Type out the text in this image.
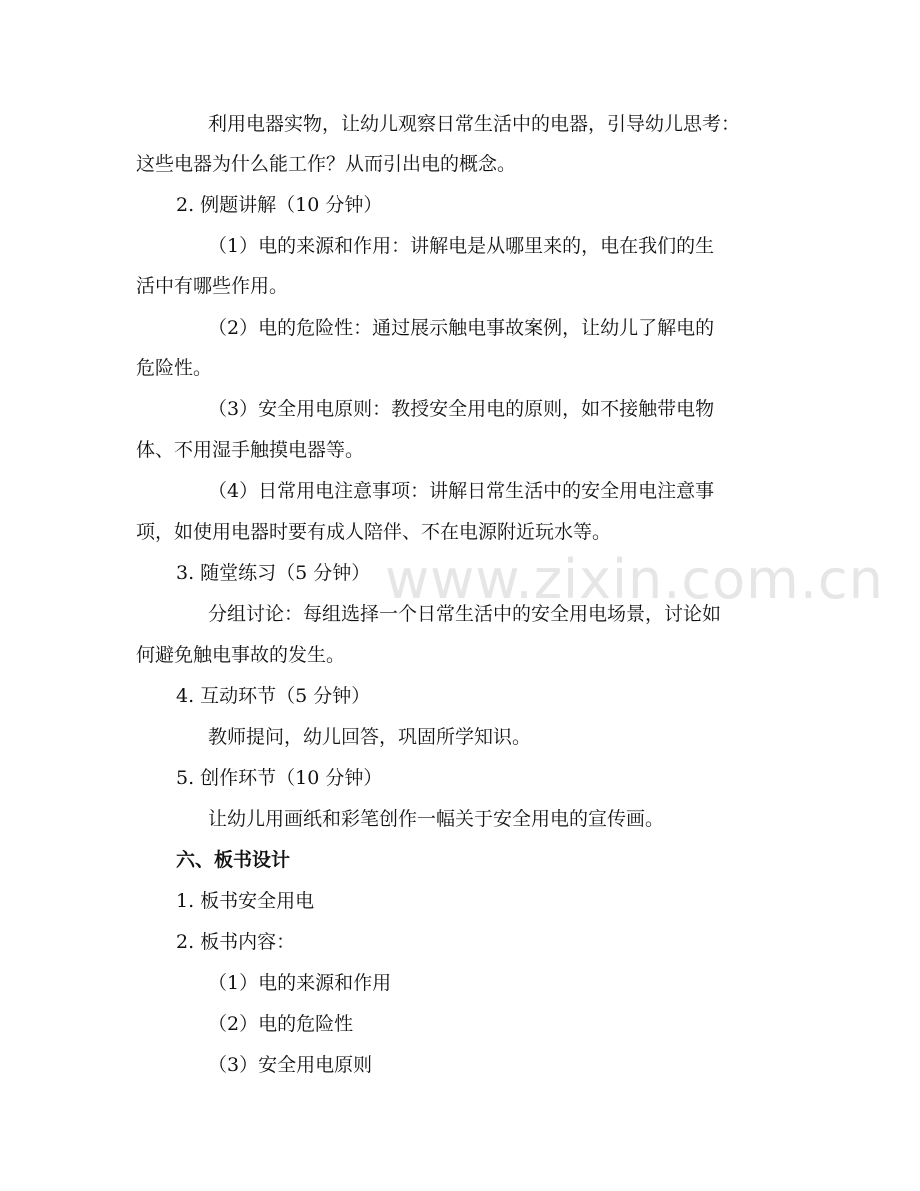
www.zixin.com.cn
利用电器实物，让幼儿观察日常生活中的电器，引导幼儿思考：
这些电器为什么能工作？从而引出电的概念。
2. 例题讲解（10 分钟）
（1）电的来源和作用：讲解电是从哪里来的，电在我们的生
活中有哪些作用。
（2）电的危险性：通过展示触电事故案例，让幼儿了解电的
危险性。
（3）安全用电原则：教授安全用电的原则，如不接触带电物
体、不用湿手触摸电器等。
（4）日常用电注意事项：讲解日常生活中的安全用电注意事
项，如使用电器时要有成人陪伴、不在电源附近玩水等。
3. 随堂练习（5 分钟）
分组讨论：每组选择一个日常生活中的安全用电场景，讨论如
何避免触电事故的发生。
4. 互动环节（5 分钟）
教师提问，幼儿回答，巩固所学知识。
5. 创作环节（10 分钟）
让幼儿用画纸和彩笔创作一幅关于安全用电的宣传画。
六、板书设计
1. 板书安全用电
2. 板书内容：
（1）电的来源和作用
（2）电的危险性
（3）安全用电原则
